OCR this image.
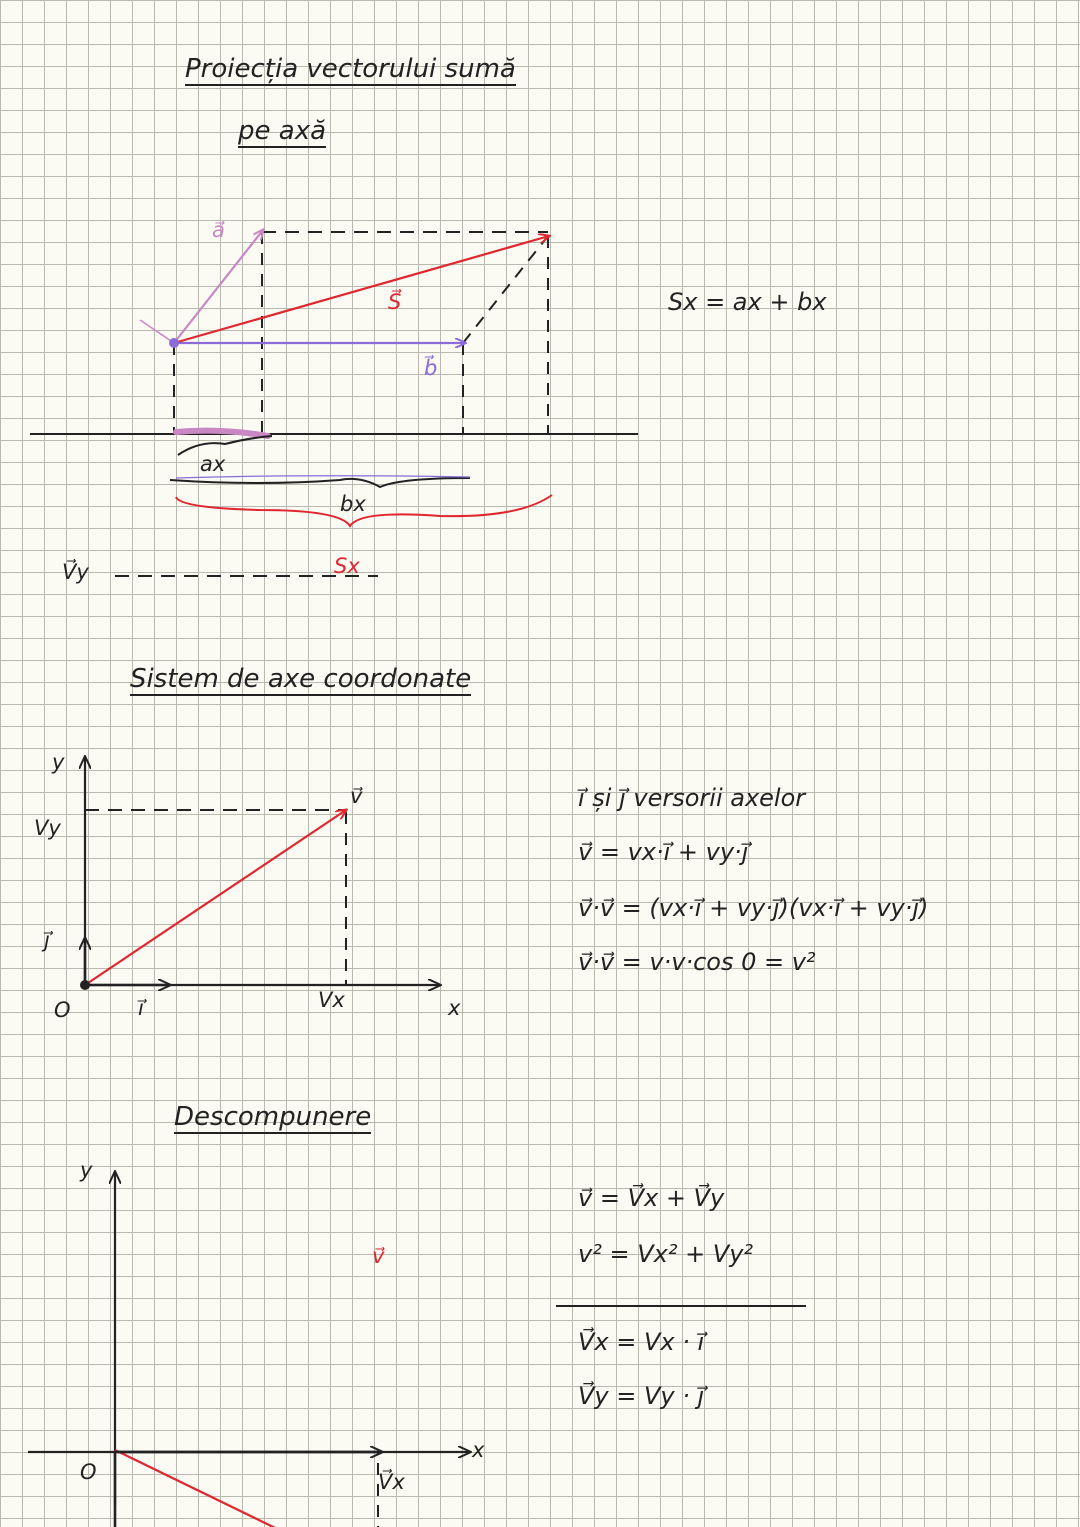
Proiecția vectorului sumă
pe axă
a⃗
S⃗
b⃗
ax
bx
Sx
Sx = ax + bx
Sistem de axe coordonate
y
Vy
j⃗
O	i⃗	Vx	x
v⃗	i⃗ și j⃗ versorii axelor
v⃗ = vx·i⃗ + vy·j⃗
v⃗·v⃗ = (vx·i⃗ + vy·j⃗)(vx·i⃗ + vy·j⃗)
v⃗·v⃗ = v·v·cos 0 = v²
Descompunere
y
V⃗y
O
v⃗
V⃗x
x
v⃗ = V⃗x + V⃗y
v² = Vx² + Vy²
V⃗x = Vx · i⃗
V⃗y = Vy · j⃗
